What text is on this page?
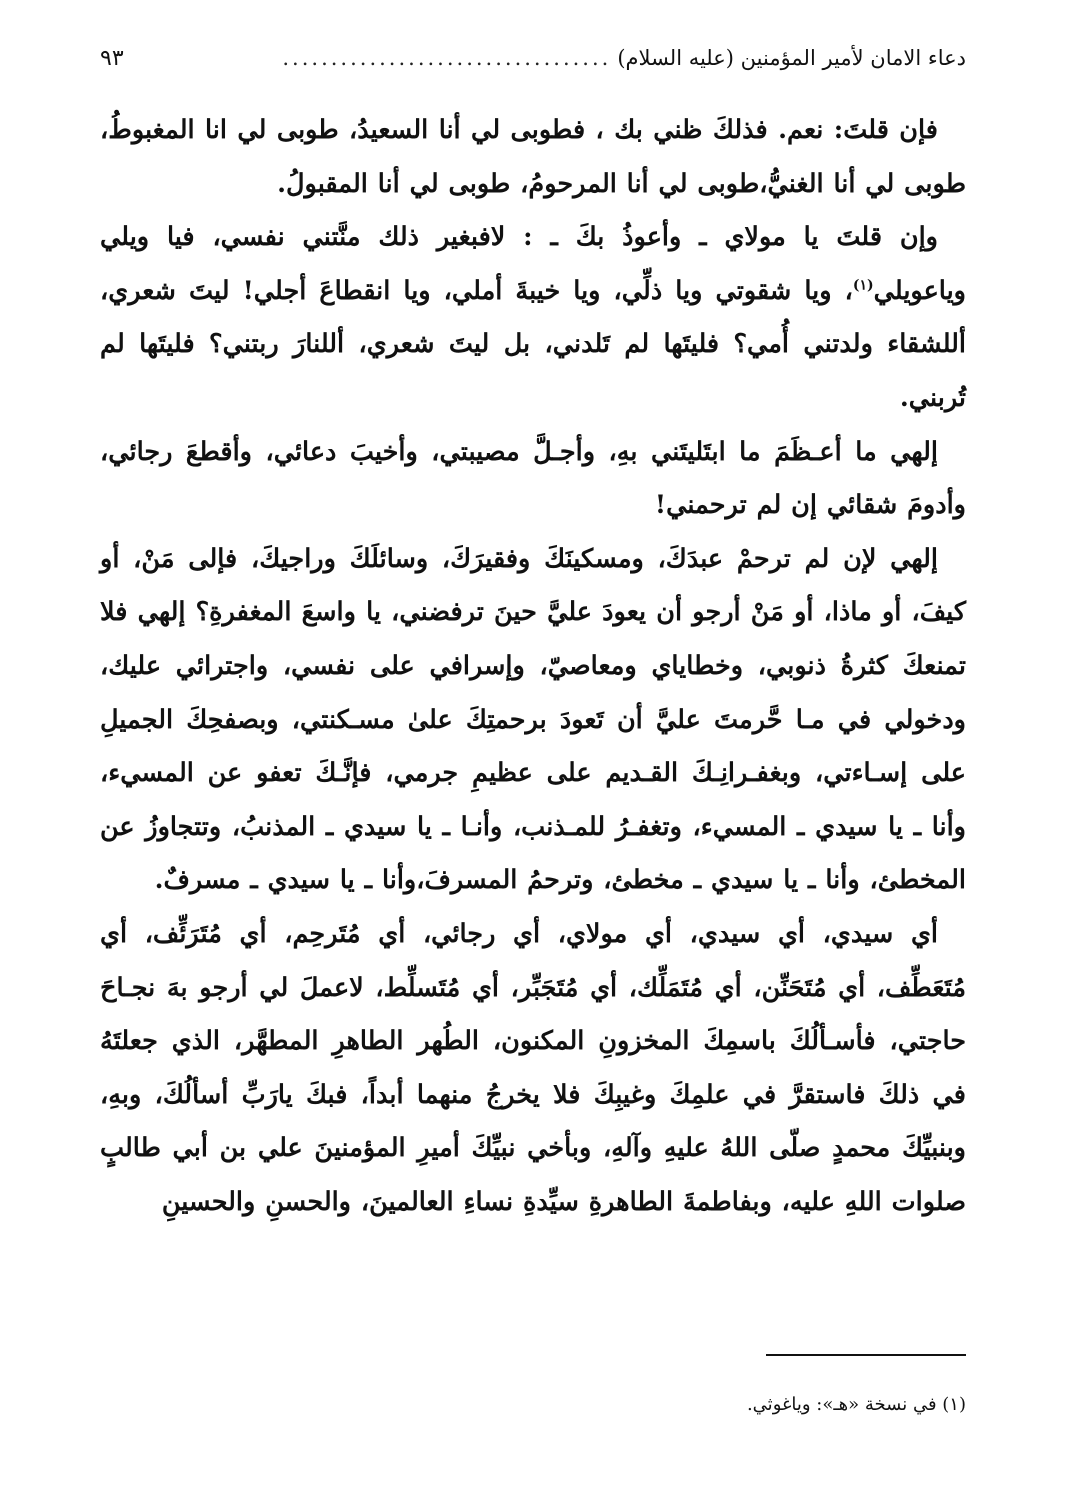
دعاء الامان لأمير المؤمنين (عليه السلام)
..................................
٩٣

فإن قلتَ: نعم. فذلكَ ظني بك ، فطوبى لي أنا السعيدُ، طوبى لي انا المغبوطُ، طوبى لي أنا الغنيُّ،طوبى لي أنا المرحومُ، طوبى لي أنا المقبولُ.

وإن قلتَ يا مولاي ـ وأعوذُ بكَ ـ : لافبغير ذلك منَّتني نفسي، فيا ويلي وياعويلي$^{(١)}$، ويا شقوتي ويا ذلِّي، ويا خيبةَ أملي، ويا انقطاعَ أجلي! ليتَ شعري، أللشقاء ولدتني أُمي؟ فليتَها لم تَلدني، بل ليتَ شعري، أللنارَ ربتني؟ فليتَها لم تُربني.

إلهي ما أعـظَمَ ما ابتَليتَني بهِ، وأجـلَّ مصيبتي، وأخيبَ دعائي، وأقطعَ رجائي، وأدومَ شقائي إن لم ترحمني!

إلهي لإن لم ترحمْ عبدَكَ، ومسكينَكَ وفقيرَكَ، وسائلَكَ وراجيكَ، فإلى مَنْ، أو كيفَ، أو ماذا، أو مَنْ أرجو أن يعودَ عليَّ حينَ ترفضني، يا واسعَ المغفرةِ؟ إلهي فلا تمنعكَ كثرةُ ذنوبي، وخطاياي ومعاصيّ، وإسرافي على نفسي، واجترائي عليك، ودخولي في مـا حَّرمتَ عليَّ أن تَعودَ برحمتِكَ علىٰ مسـكنتي، وبصفحِكَ الجميلِ على إسـاءتي، وبغفـرانِـكَ القـديم على عظيمِ جرمي، فإنَّـكَ تعفو عن المسيء، وأنا ـ يا سيدي ـ المسيء، وتغفـرُ للمـذنب، وأنـا ـ يا سيدي ـ المذنبُ، وتتجاوزُ عن المخطئ، وأنا ـ يا سيدي ـ مخطئ، وترحمُ المسرفَ،وأنا ـ يا سيدي ـ مسرفٌ.

أي سيدي، أي سيدي، أي مولاي، أي رجائي، أي مُتَرحِم، أي مُتَرَئِّف، أي مُتَعَطِّف، أي مُتَحَنِّن، أي مُتَمَلِّك، أي مُتَجَبِّر، أي مُتَسلِّط، لاعملَ لي أرجو بهَ نجـاحَ حاجتي، فأسـألُكَ باسمِكَ المخزونِ المكنون، الطُهر الطاهرِ المطهَّر، الذي جعلتَهُ في ذلكَ فاستقرَّ في علمِكَ وغيبِكَ فلا يخرجُ منهما أبداً، فبكَ يارَبِّ أسألُكَ، وبهِ، وبنبيِّكَ محمدٍ صلّى اللهُ عليهِ وآلهِ، وبأخي نبيِّكَ أميرِ المؤمنينَ علي بن أبي طالبٍ صلوات اللهِ عليه، وبفاطمةَ الطاهرةِ سيِّدةِ نساءِ العالمينَ، والحسنِ والحسينِ

(١) في نسخة «هـ»: وياغوثي.
